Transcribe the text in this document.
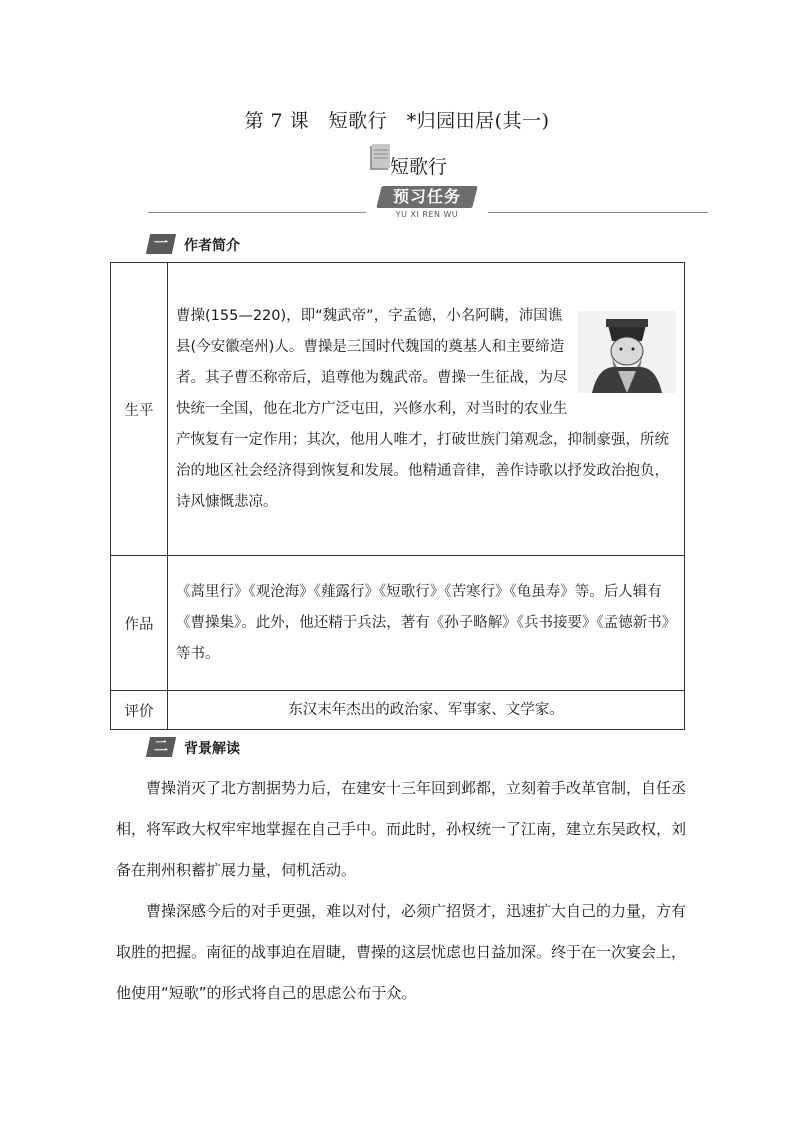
第 7 课　短歌行　*归园田居(其一)
短歌行
预习任务
YU XI REN WU
一	作者简介
生平	曹操(155—220)，即“魏武帝”，字孟德，小名阿瞒，沛国谯县(今安徽亳州)人。曹操是三国时代魏国的奠基人和主要缔造者。其子曹丕称帝后，追尊他为魏武帝。曹操一生征战，为尽快统一全国，他在北方广泛屯田，兴修水利，对当时的农业生产恢复有一定作用；其次，他用人唯才，打破世族门第观念，抑制豪强，所统治的地区社会经济得到恢复和发展。他精通音律，善作诗歌以抒发政治抱负，诗风慷慨悲凉。
作品	《蒿里行》《观沧海》《薤露行》《短歌行》《苦寒行》《龟虽寿》等。后人辑有《曹操集》。此外，他还精于兵法，著有《孙子略解》《兵书接要》《孟德新书》等书。
评价	东汉末年杰出的政治家、军事家、文学家。
二	背景解读
曹操消灭了北方割据势力后，在建安十三年回到邺都，立刻着手改革官制，自任丞相，将军政大权牢牢地掌握在自己手中。而此时，孙权统一了江南，建立东吴政权，刘备在荆州积蓄扩展力量，伺机活动。
曹操深感今后的对手更强，难以对付，必须广招贤才，迅速扩大自己的力量，方有取胜的把握。南征的战事迫在眉睫，曹操的这层忧虑也日益加深。终于在一次宴会上，他使用“短歌”的形式将自己的思虑公布于众。
